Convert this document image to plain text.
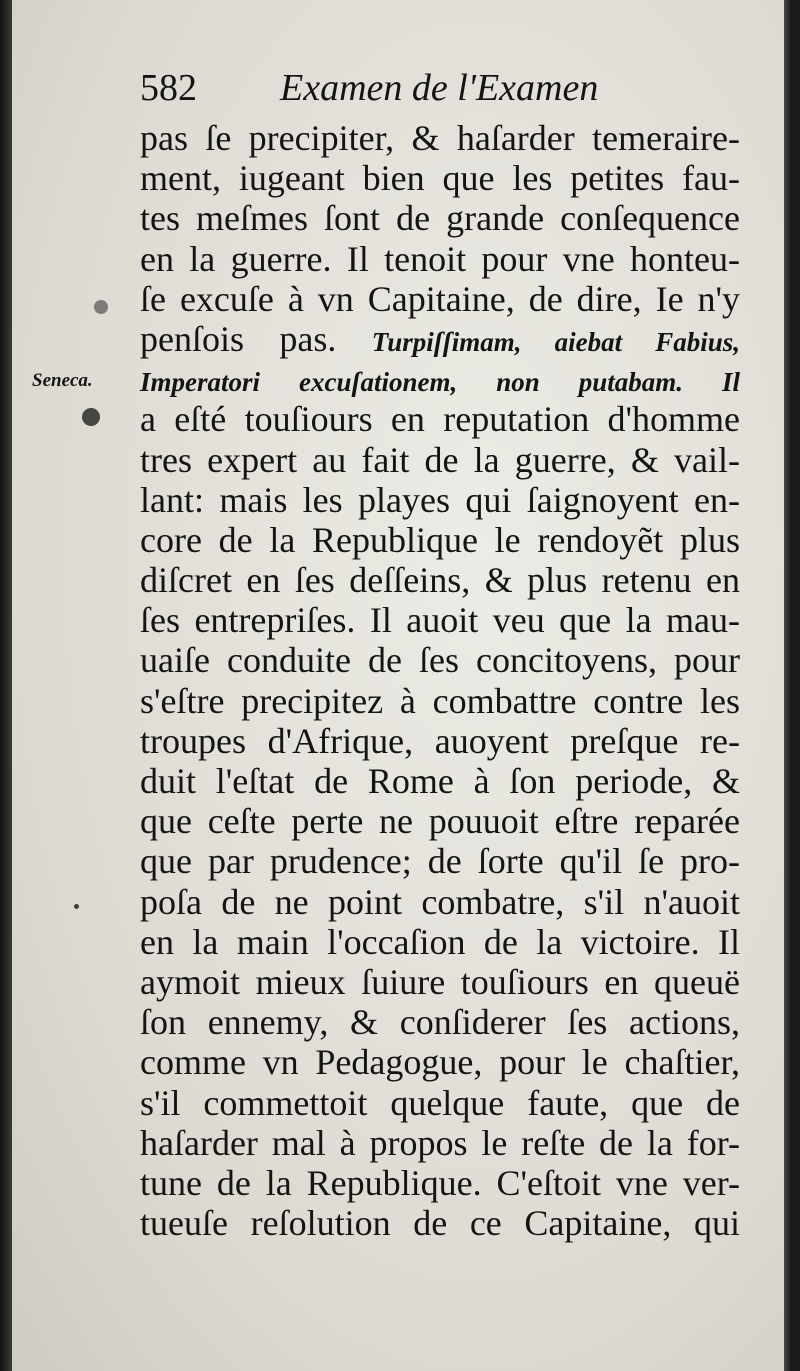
582 Examen de l'Examen
Seneca.
pas ſe precipiter, & haſarder temeraire-
ment, iugeant bien que les petites fau-
tes meſmes ſont de grande conſequence
en la guerre. Il tenoit pour vne honteu-
ſe excuſe à vn Capitaine, de dire, Ie n'y
penſois pas. Turpiſſimam, aiebat Fabius,
Imperatori excuſationem, non putabam. Il
a eſté touſiours en reputation d'homme
tres expert au fait de la guerre, & vail-
lant: mais les playes qui ſaignoyent en-
core de la Republique le rendoyẽt plus
diſcret en ſes deſſeins, & plus retenu en
ſes entrepriſes. Il auoit veu que la mau-
uaiſe conduite de ſes concitoyens, pour
s'eſtre precipitez à combattre contre les
troupes d'Afrique, auoyent preſque re-
duit l'eſtat de Rome à ſon periode, &
que ceſte perte ne pouuoit eſtre reparée
que par prudence; de ſorte qu'il ſe pro-
poſa de ne point combatre, s'il n'auoit
en la main l'occaſion de la victoire. Il
aymoit mieux ſuiure touſiours en queuë
ſon ennemy, & conſiderer ſes actions,
comme vn Pedagogue, pour le chaſtier,
s'il commettoit quelque faute, que de
haſarder mal à propos le reſte de la for-
tune de la Republique. C'eſtoit vne ver-
tueuſe reſolution de ce Capitaine, qui
